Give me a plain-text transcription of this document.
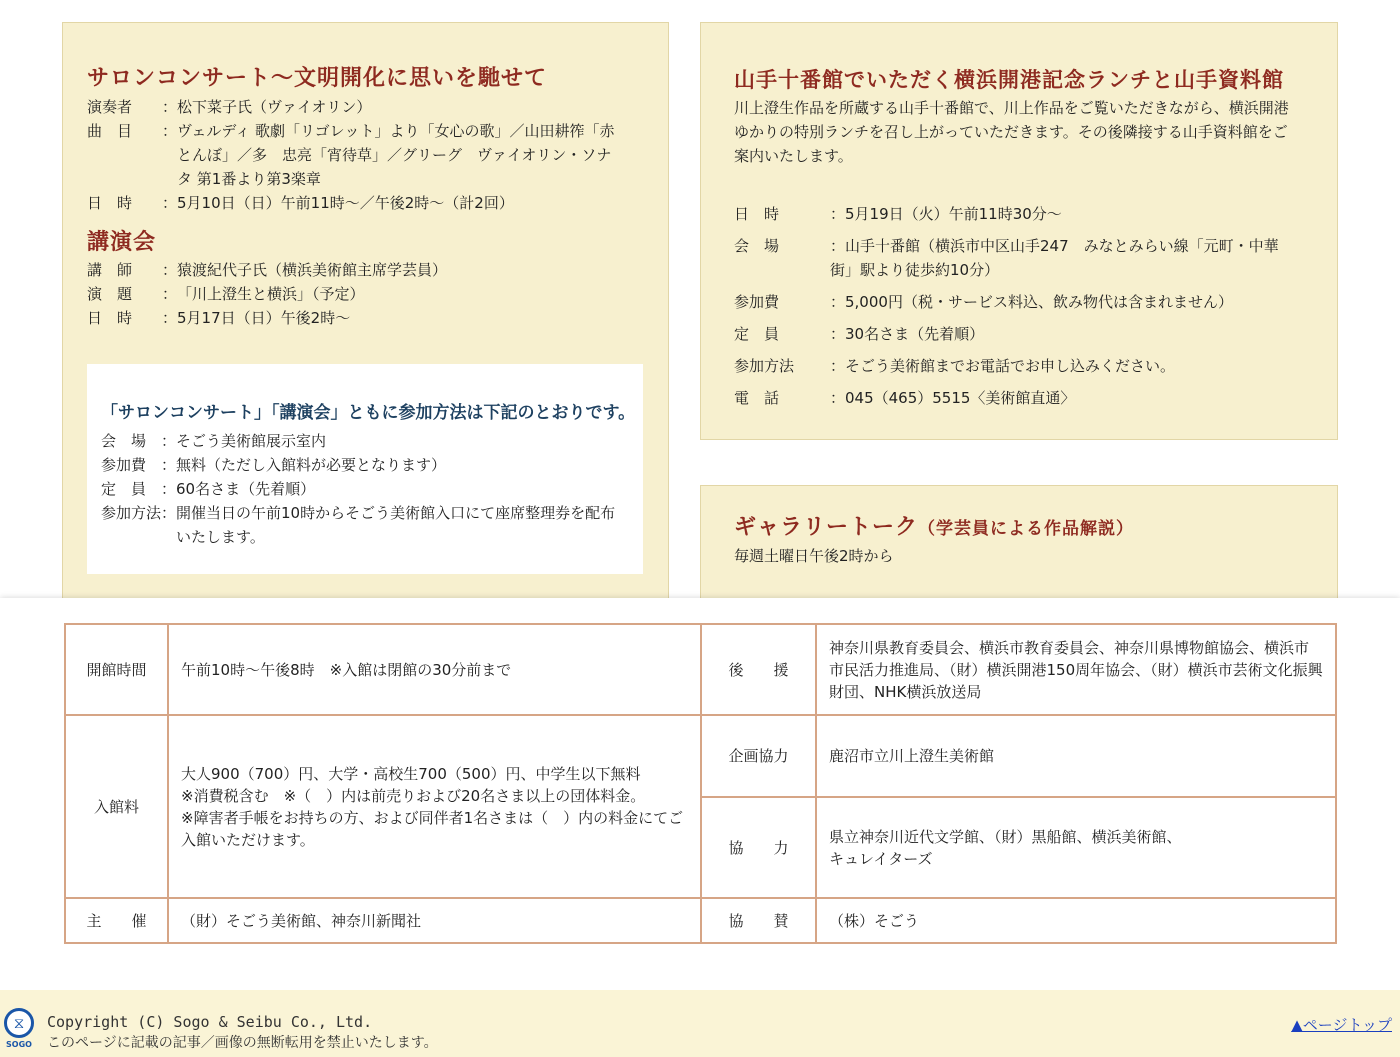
サロンコンサート〜文明開化に思いを馳せて
演奏者　　： 松下菜子氏（ヴァイオリン）
曲　目　　： ヴェルディ 歌劇「リゴレット」より「女心の歌」／山田耕筰「赤とんぼ」／多　忠亮「宵待草」／グリーグ　ヴァイオリン・ソナタ 第1番より第3楽章
日　時　　： 5月10日（日）午前11時〜／午後2時〜（計2回）
講演会
講　師　　： 猿渡紀代子氏（横浜美術館主席学芸員）
演　題　　： 「川上澄生と横浜」（予定）
日　時　　： 5月17日（日）午後2時〜

「サロンコンサート」「講演会」ともに参加方法は下記のとおりです。

会　場　： そごう美術館展示室内
参加費　： 無料（ただし入館料が必要となります）
定　員　： 60名さま（先着順）
参加方法： 開催当日の午前10時からそごう美術館入口にて座席整理券を配布いたします。
山手十番館でいただく横浜開港記念ランチと山手資料館

川上澄生作品を所蔵する山手十番館で、川上作品をご覧いただきながら、横浜開港ゆかりの特別ランチを召し上がっていただきます。その後隣接する山手資料館をご案内いたします。

日　時	：5月19日（火）午前11時30分〜
会　場	：山手十番館（横浜市中区山手247　みなとみらい線「元町・中華街」駅より徒歩約10分）
参加費	：5,000円（税・サービス料込、飲み物代は含まれません）
定　員	：30名さま（先着順）
参加方法	：そごう美術館までお電話でお申し込みください。
電　話	：045（465）5515〈美術館直通〉
ギャラリートーク（学芸員による作品解説）

毎週土曜日午後2時から

開館時間	午前10時〜午後8時　※入館は閉館の30分前まで	後　　援	神奈川県教育委員会、横浜市教育委員会、神奈川県博物館協会、横浜市市民活力推進局、（財）横浜開港150周年協会、（財）横浜市芸術文化振興財団、NHK横浜放送局
入館料	大人900（700）円、大学・高校生700（500）円、中学生以下無料
※消費税含む　※（　）内は前売りおよび20名さま以上の団体料金。
※障害者手帳をお持ちの方、および同伴者1名さまは（　）内の料金にてご入館いただけます。	企画協力	鹿沼市立川上澄生美術館
		協　　力	県立神奈川近代文学館、（財）黒船館、横浜美術館、
キュレイターズ
主　　催	（財）そごう美術館、神奈川新聞社	協　　賛	（株）そごう
⧖
SOGO
Copyright (C) Sogo & Seibu Co., Ltd.
このページに記載の記事／画像の無断転用を禁止いたします。
▲ページトップ
